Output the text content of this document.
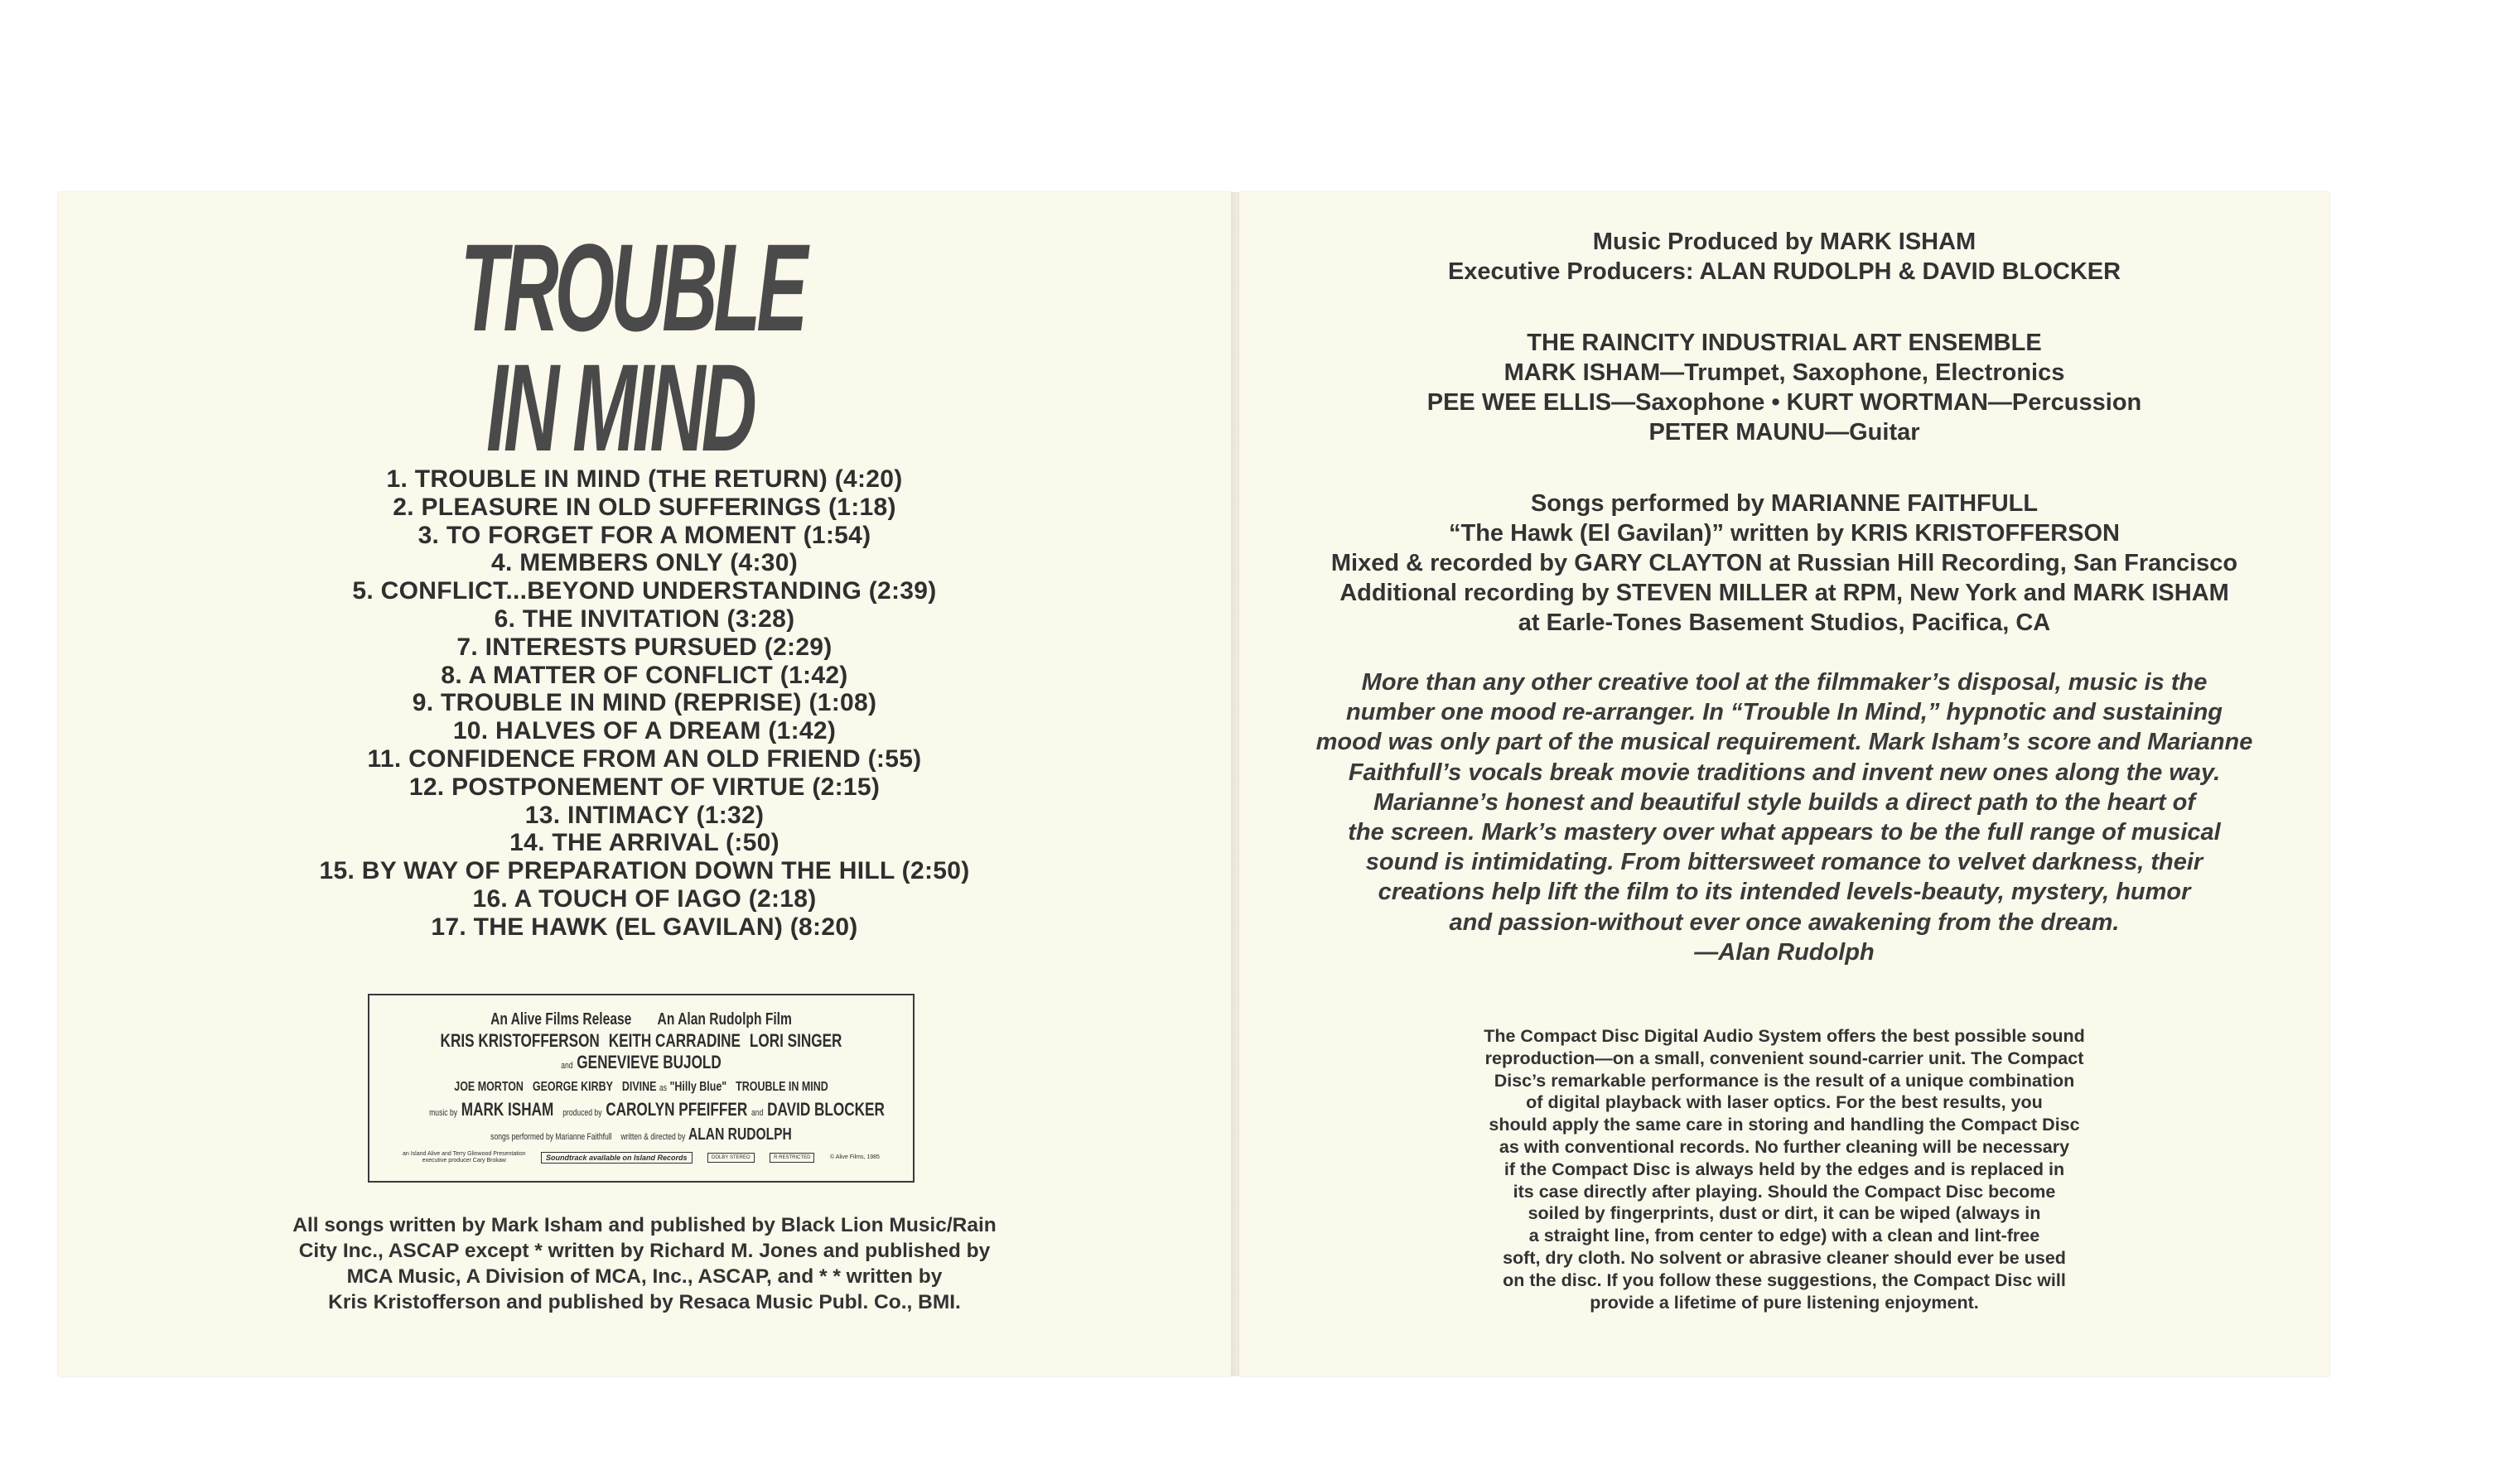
TROUBLE
IN MIND
1. TROUBLE IN MIND (THE RETURN) (4:20)
2. PLEASURE IN OLD SUFFERINGS (1:18)
3. TO FORGET FOR A MOMENT (1:54)
4. MEMBERS ONLY (4:30)
5. CONFLICT...BEYOND UNDERSTANDING (2:39)
6. THE INVITATION (3:28)
7. INTERESTS PURSUED (2:29)
8. A MATTER OF CONFLICT (1:42)
9. TROUBLE IN MIND (REPRISE) (1:08)
10. HALVES OF A DREAM (1:42)
11. CONFIDENCE FROM AN OLD FRIEND (:55)
12. POSTPONEMENT OF VIRTUE (2:15)
13. INTIMACY (1:32)
14. THE ARRIVAL (:50)
15. BY WAY OF PREPARATION DOWN THE HILL (2:50)
16. A TOUCH OF IAGO (2:18)
17. THE HAWK (EL GAVILAN) (8:20)
An Alive Films Release An Alan Rudolph Film
KRIS KRISTOFFERSON KEITH CARRADINE LORI SINGER
and GENEVIEVE BUJOLD
JOE MORTON GEORGE KIRBY DIVINE as "Hilly Blue" TROUBLE IN MIND
music by MARK ISHAM produced by CAROLYN PFEIFFER and DAVID BLOCKER
songs performed by Marianne Faithfull written & directed by ALAN RUDOLPH
an Island Alive and Terry Glinwood Presentation
executive producer Cary Brokaw	Soundtrack available on Island Records	DOLBY STEREO	R RESTRICTED	© Alive Films, 1985
All songs written by Mark Isham and published by Black Lion Music/Rain
City Inc., ASCAP except * written by Richard M. Jones and published by
MCA Music, A Division of MCA, Inc., ASCAP, and * * written by
Kris Kristofferson and published by Resaca Music Publ. Co., BMI.
Music Produced by MARK ISHAM
Executive Producers: ALAN RUDOLPH & DAVID BLOCKER
THE RAINCITY INDUSTRIAL ART ENSEMBLE
MARK ISHAM—Trumpet, Saxophone, Electronics
PEE WEE ELLIS—Saxophone • KURT WORTMAN—Percussion
PETER MAUNU—Guitar
Songs performed by MARIANNE FAITHFULL
“The Hawk (El Gavilan)” written by KRIS KRISTOFFERSON
Mixed & recorded by GARY CLAYTON at Russian Hill Recording, San Francisco
Additional recording by STEVEN MILLER at RPM, New York and MARK ISHAM
at Earle-Tones Basement Studios, Pacifica, CA
More than any other creative tool at the filmmaker’s disposal, music is the
number one mood re-arranger. In “Trouble In Mind,” hypnotic and sustaining
mood was only part of the musical requirement. Mark Isham’s score and Marianne
Faithfull’s vocals break movie traditions and invent new ones along the way.
Marianne’s honest and beautiful style builds a direct path to the heart of
the screen. Mark’s mastery over what appears to be the full range of musical
sound is intimidating. From bittersweet romance to velvet darkness, their
creations help lift the film to its intended levels-beauty, mystery, humor
and passion-without ever once awakening from the dream.
—Alan Rudolph
The Compact Disc Digital Audio System offers the best possible sound
reproduction—on a small, convenient sound-carrier unit. The Compact
Disc’s remarkable performance is the result of a unique combination
of digital playback with laser optics. For the best results, you
should apply the same care in storing and handling the Compact Disc
as with conventional records. No further cleaning will be necessary
if the Compact Disc is always held by the edges and is replaced in
its case directly after playing. Should the Compact Disc become
soiled by fingerprints, dust or dirt, it can be wiped (always in
a straight line, from center to edge) with a clean and lint-free
soft, dry cloth. No solvent or abrasive cleaner should ever be used
on the disc. If you follow these suggestions, the Compact Disc will
provide a lifetime of pure listening enjoyment.
